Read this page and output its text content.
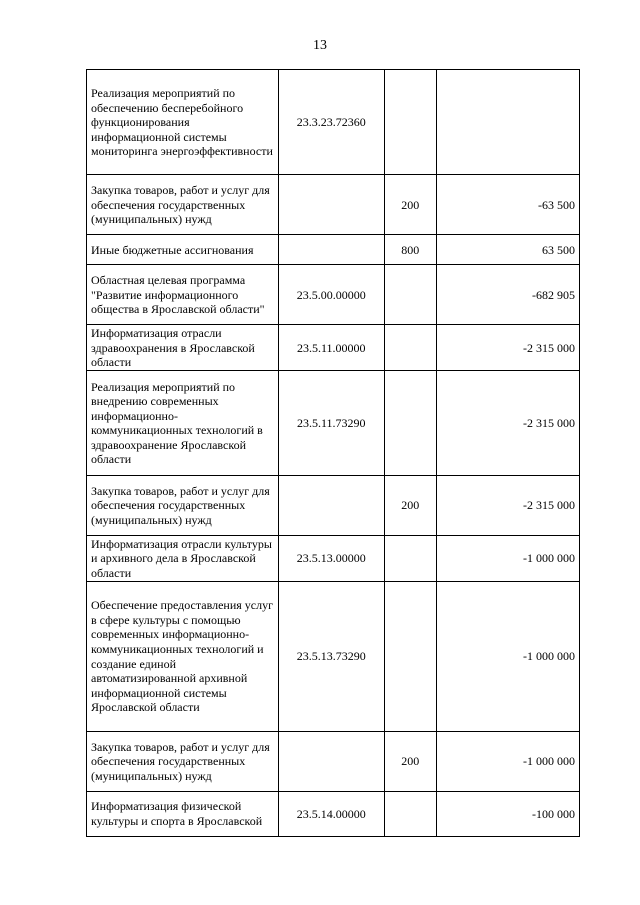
13
Реализация мероприятий по обеспечению бесперебойного функционирования информационной системы мониторинга энергоэффективности	23.3.23.72360		
Закупка товаров, работ и услуг для обеспечения государственных (муниципальных) нужд		200	-63 500
Иные бюджетные ассигнования		800	63 500
Областная целевая программа "Развитие информационного общества в Ярославской области"	23.5.00.00000		-682 905
Информатизация отрасли здравоохранения в Ярославской области	23.5.11.00000		-2 315 000
Реализация мероприятий по внедрению современных информационно-коммуникационных технологий в здравоохранение Ярославской области	23.5.11.73290		-2 315 000
Закупка товаров, работ и услуг для обеспечения государственных (муниципальных) нужд		200	-2 315 000
Информатизация отрасли культуры и архивного дела в Ярославской области	23.5.13.00000		-1 000 000
Обеспечение предоставления услуг в сфере культуры с помощью современных информационно-коммуникационных технологий и создание единой автоматизированной архивной информационной системы Ярославской области	23.5.13.73290		-1 000 000
Закупка товаров, работ и услуг для обеспечения государственных (муниципальных) нужд		200	-1 000 000
Информатизация физической культуры и спорта в Ярославской	23.5.14.00000		-100 000
